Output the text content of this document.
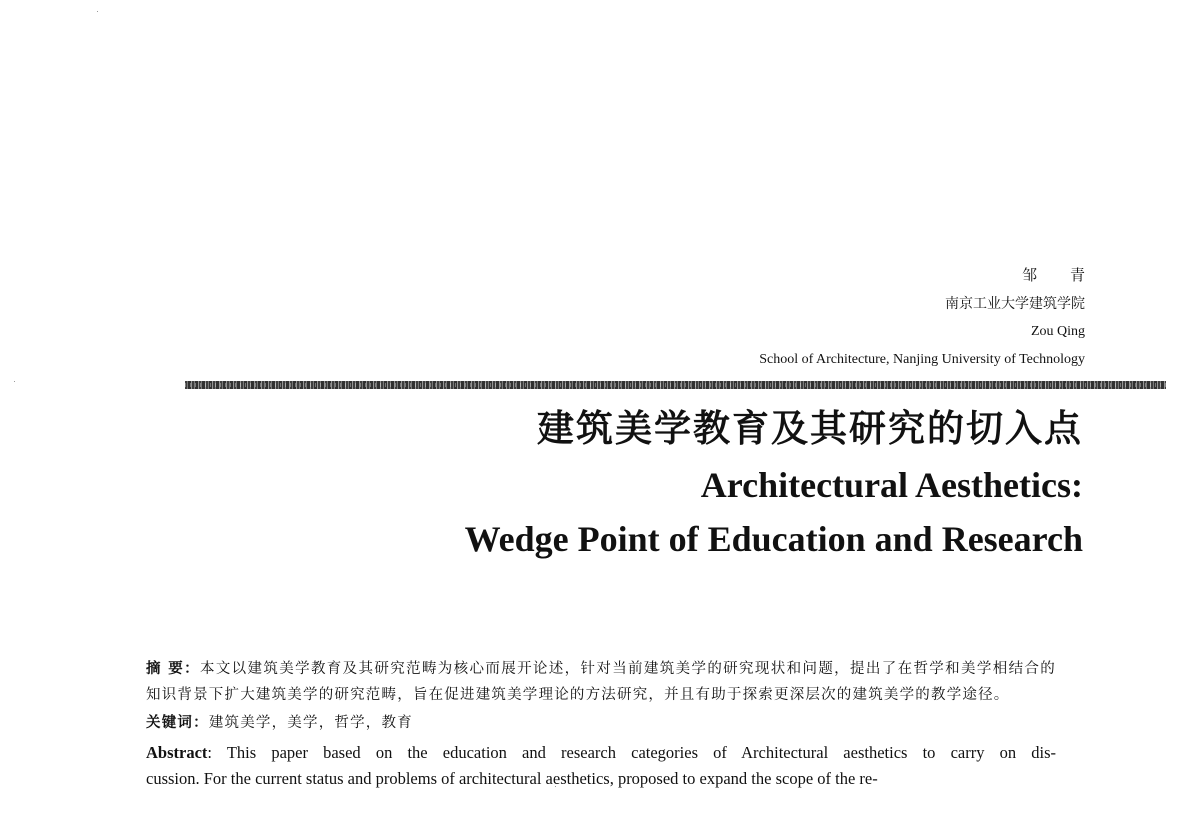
邹 青
南京工业大学建筑学院
Zou Qing
School of Architecture, Nanjing University of Technology
建筑美学教育及其研究的切入点
Architectural Aesthetics:
Wedge Point of Education and Research

摘 要：本文以建筑美学教育及其研究范畴为核心而展开论述，针对当前建筑美学的研究现状和问题，提出了在哲学和美学相结合的知识背景下扩大建筑美学的研究范畴，旨在促进建筑美学理论的方法研究，并且有助于探索更深层次的建筑美学的教学途径。

关键词：建筑美学，美学，哲学，教育

Abstract: This paper based on the education and research categories of Architectural aesthetics to carry on dis-

cussion. For the current status and problems of architectural aesthetics, proposed to expand the scope of the re-
